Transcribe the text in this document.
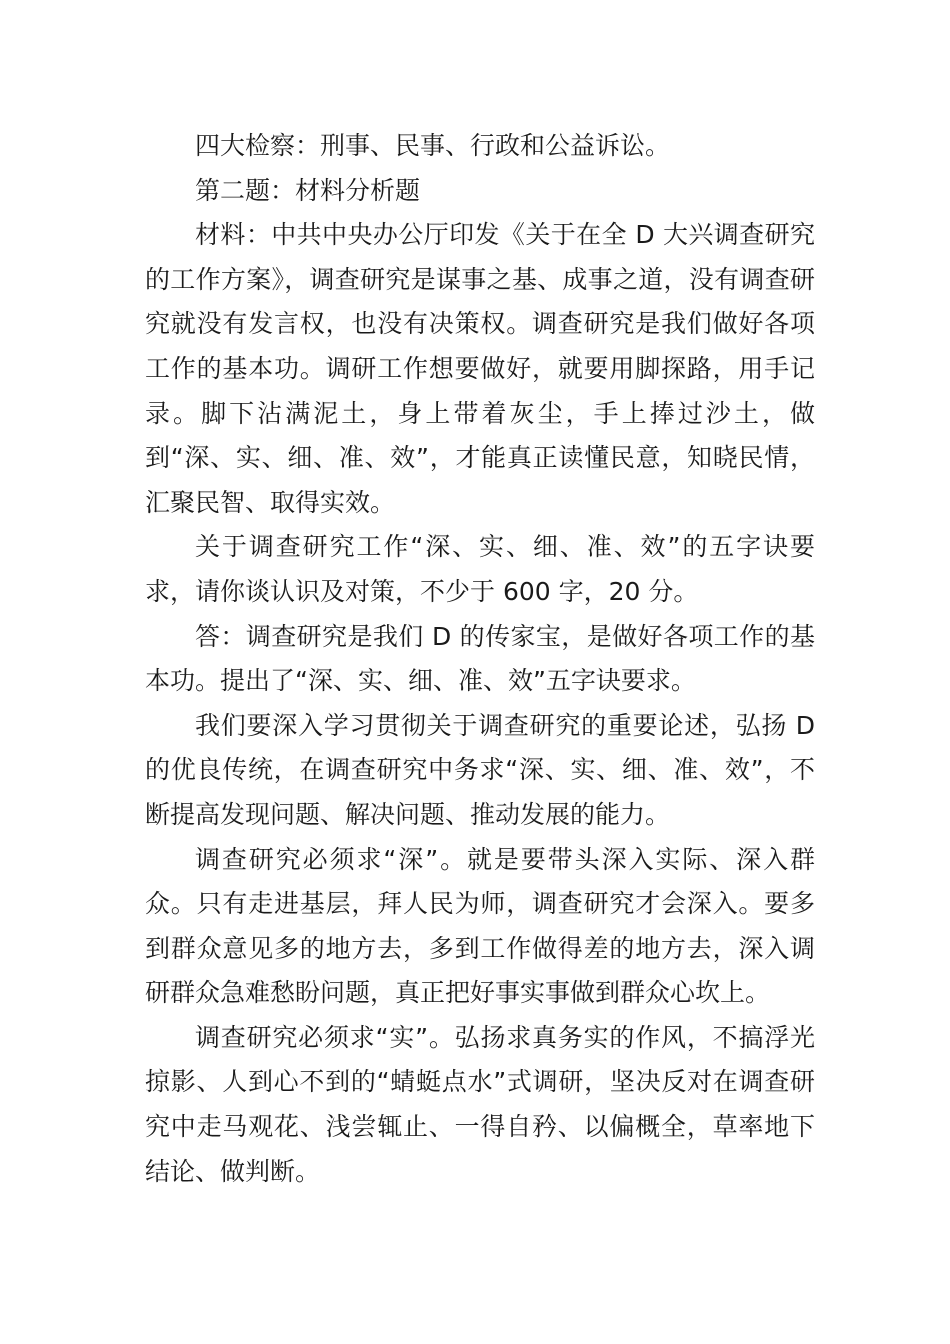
四大检察：刑事、民事、行政和公益诉讼。

第二题：材料分析题

材料：中共中央办公厅印发《关于在全 D 大兴调查研究的工作方案》，调查研究是谋事之基、成事之道，没有调查研究就没有发言权，也没有决策权。调查研究是我们做好各项工作的基本功。调研工作想要做好，就要用脚探路，用手记录。脚下沾满泥土，身上带着灰尘，手上捧过沙土，做到“深、实、细、准、效”，才能真正读懂民意，知晓民情，汇聚民智、取得实效。

关于调查研究工作“深、实、细、准、效”的五字诀要求，请你谈认识及对策，不少于 600 字，20 分。

答：调查研究是我们 D 的传家宝，是做好各项工作的基本功。提出了“深、实、细、准、效”五字诀要求。

我们要深入学习贯彻关于调查研究的重要论述，弘扬 D 的优良传统，在调查研究中务求“深、实、细、准、效”，不断提高发现问题、解决问题、推动发展的能力。

调查研究必须求“深”。就是要带头深入实际、深入群众。只有走进基层，拜人民为师，调查研究才会深入。要多到群众意见多的地方去，多到工作做得差的地方去，深入调研群众急难愁盼问题，真正把好事实事做到群众心坎上。

调查研究必须求“实”。弘扬求真务实的作风，不搞浮光掠影、人到心不到的“蜻蜓点水”式调研，坚决反对在调查研究中走马观花、浅尝辄止、一得自矜、以偏概全，草率地下结论、做判断。
